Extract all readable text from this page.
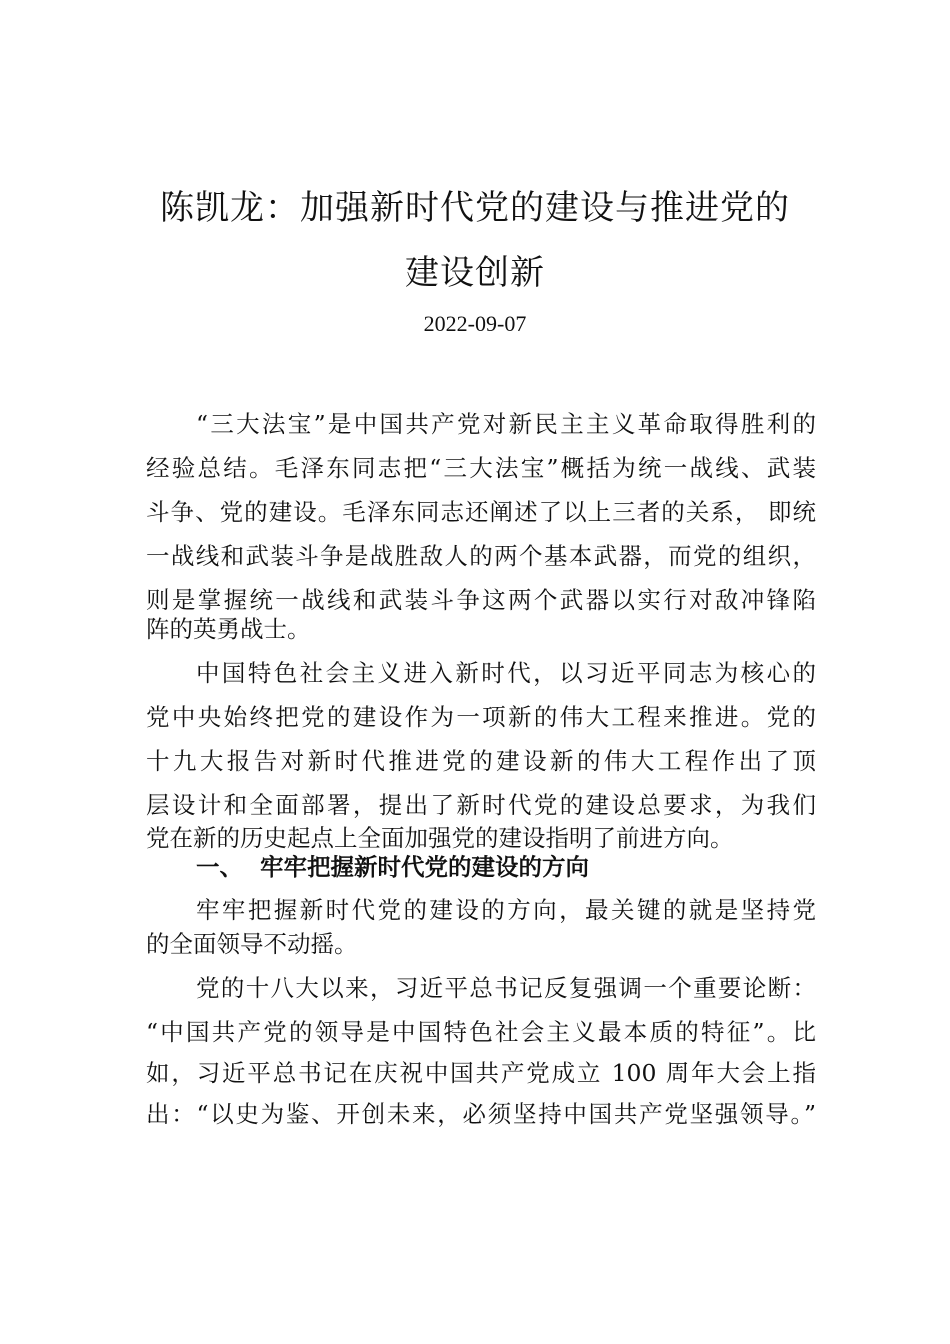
陈凯龙：加强新时代党的建设与推进党的
建设创新
2022-09-07
“三大法宝”是中国共产党对新民主主义革命取得胜利的
经验总结。毛泽东同志把“三大法宝”概括为统一战线、武装
斗争、党的建设。毛泽东同志还阐述了以上三者的关系， 即统
一战线和武装斗争是战胜敌人的两个基本武器，而党的组织，
则是掌握统一战线和武装斗争这两个武器以实行对敌冲锋陷
阵的英勇战士。
中国特色社会主义进入新时代，以习近平同志为核心的
党中央始终把党的建设作为一项新的伟大工程来推进。党的
十九大报告对新时代推进党的建设新的伟大工程作出了顶
层设计和全面部署，提出了新时代党的建设总要求，为我们
党在新的历史起点上全面加强党的建设指明了前进方向。
一、 牢牢把握新时代党的建设的方向
牢牢把握新时代党的建设的方向，最关键的就是坚持党
的全面领导不动摇。
党的十八大以来，习近平总书记反复强调一个重要论断：
“中国共产党的领导是中国特色社会主义最本质的特征”。比
如，习近平总书记在庆祝中国共产党成立 100 周年大会上指
出：“以史为鉴、开创未来，必须坚持中国共产党坚强领导。”
